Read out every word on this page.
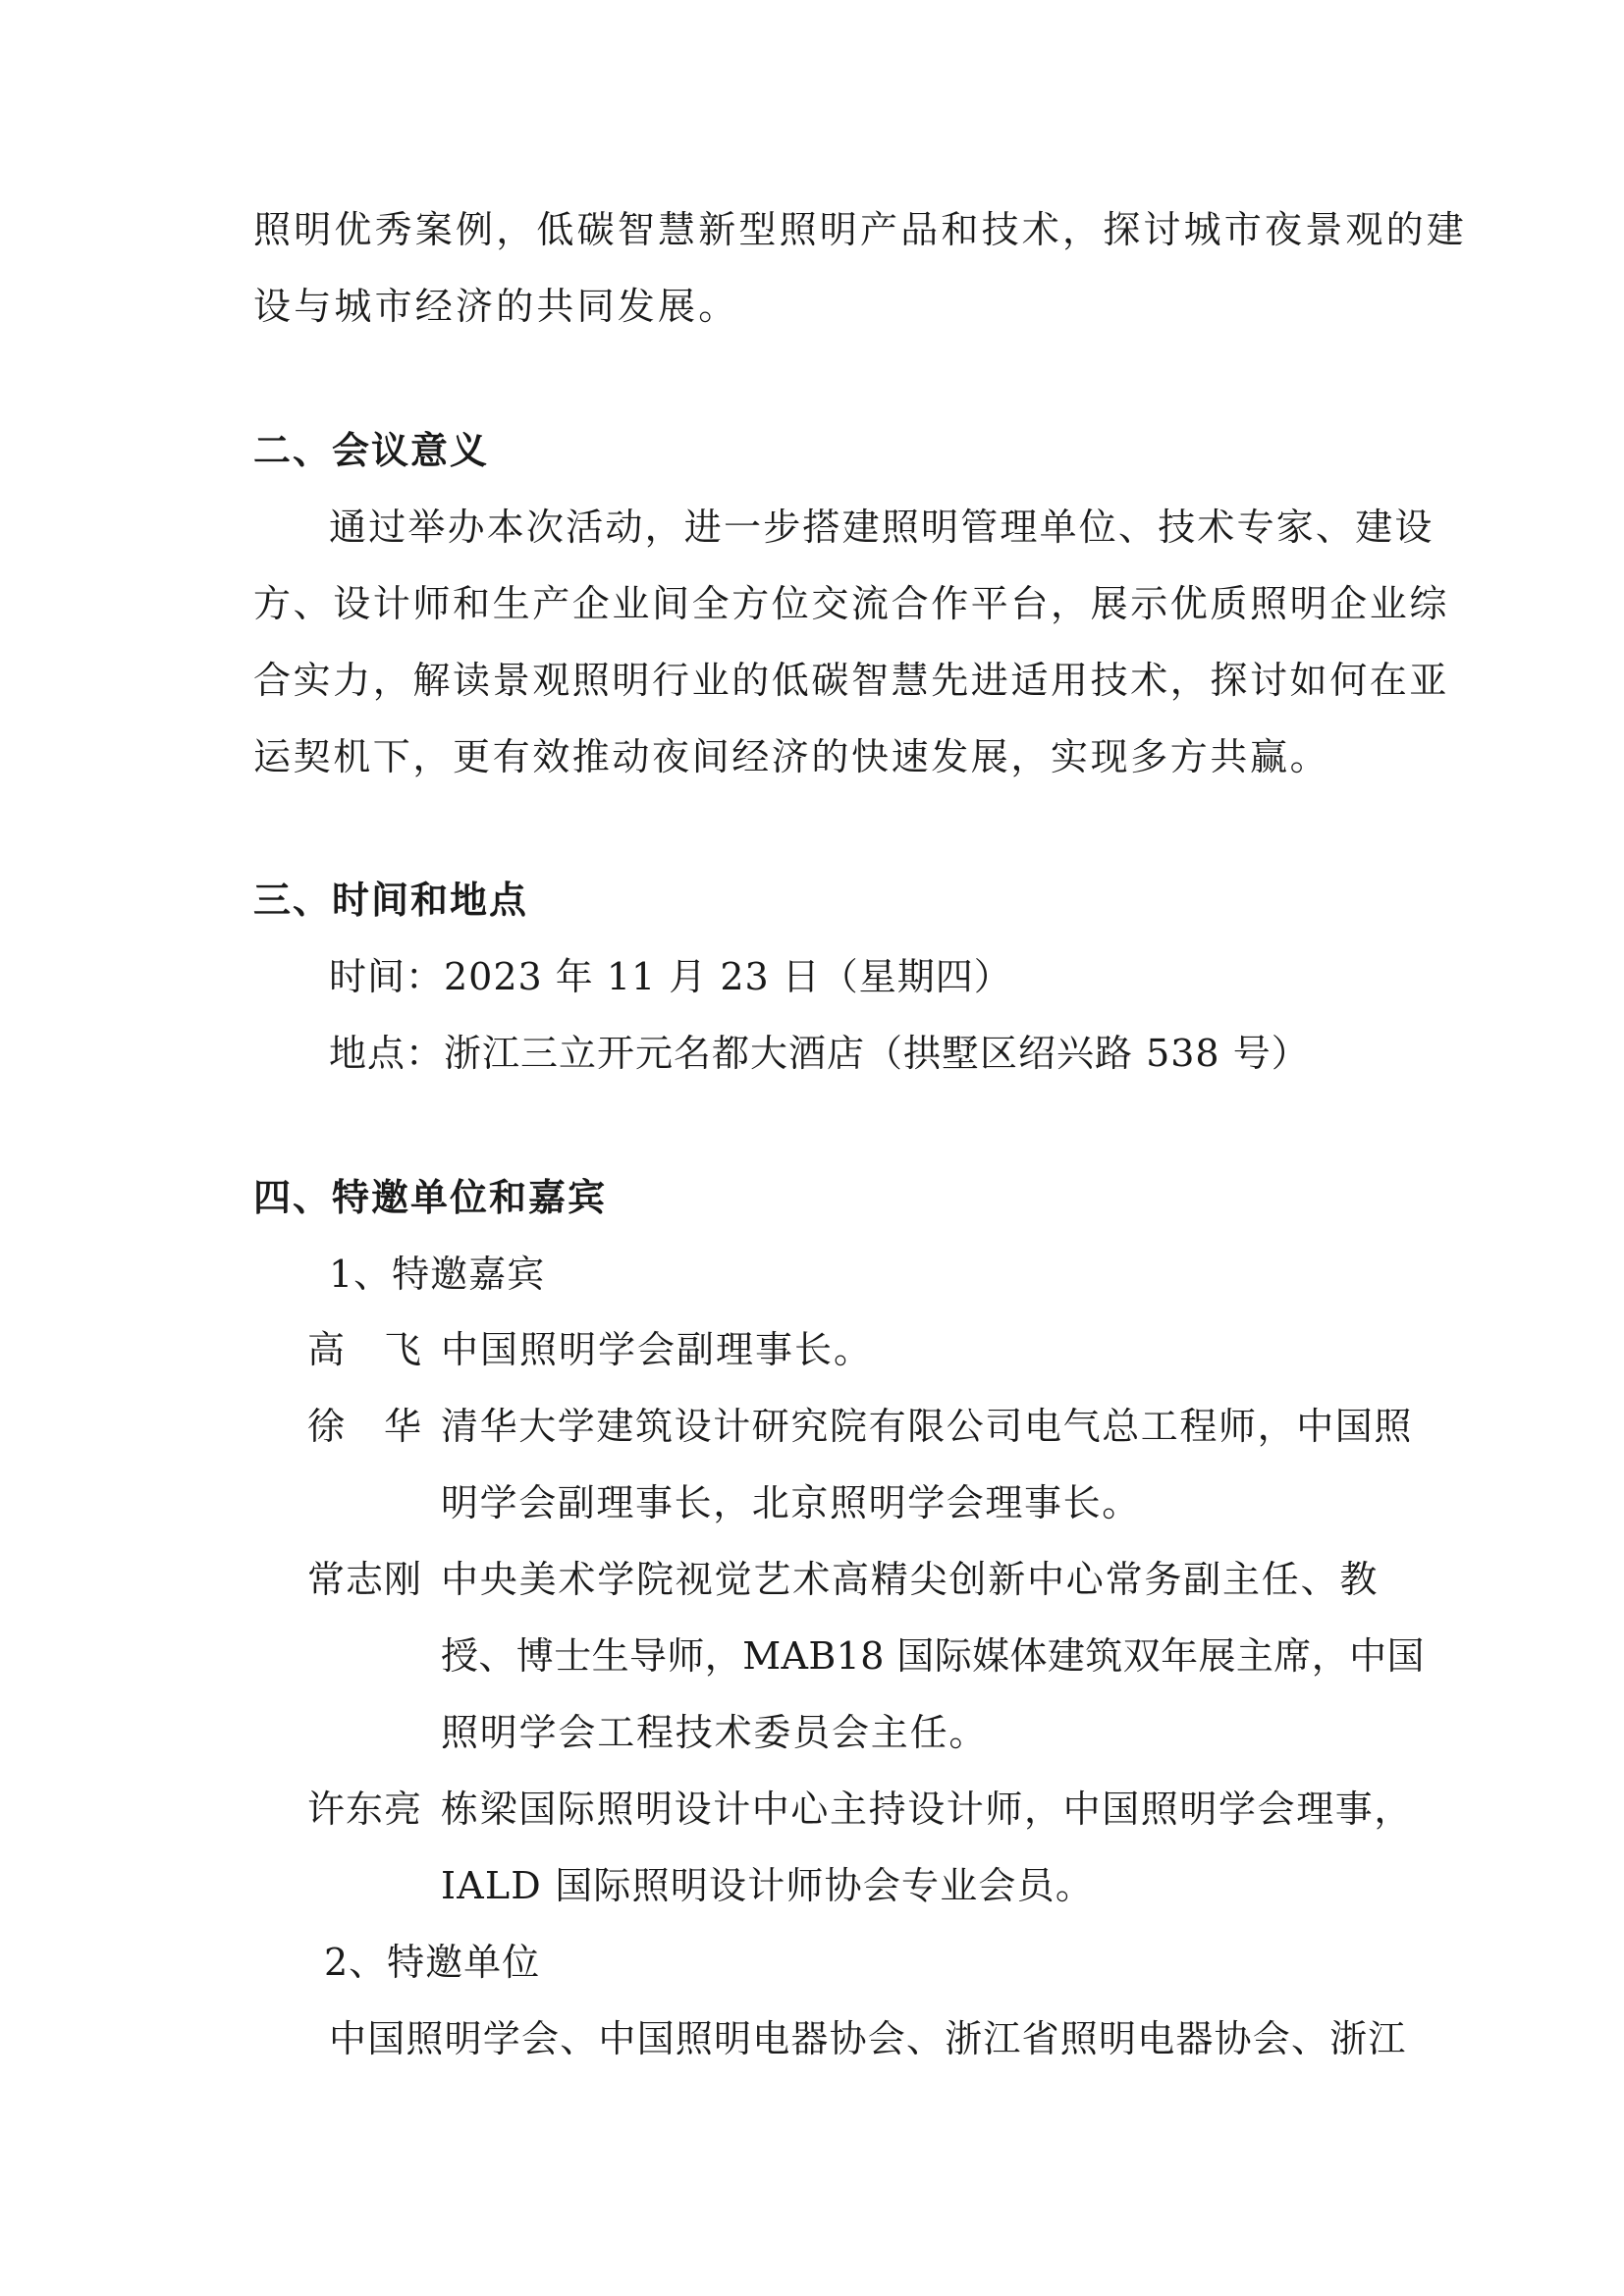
照明优秀案例，低碳智慧新型照明产品和技术，探讨城市夜景观的建
设与城市经济的共同发展。
二、会议意义
通过举办本次活动，进一步搭建照明管理单位、技术专家、建设
方、设计师和生产企业间全方位交流合作平台，展示优质照明企业综
合实力，解读景观照明行业的低碳智慧先进适用技术，探讨如何在亚
运契机下，更有效推动夜间经济的快速发展，实现多方共赢。
三、时间和地点
时间：2023 年 11 月 23 日（星期四）
地点：浙江三立开元名都大酒店（拱墅区绍兴路 538 号）
四、特邀单位和嘉宾
1、特邀嘉宾
高 飞 中国照明学会副理事长。
徐 华 清华大学建筑设计研究院有限公司电气总工程师，中国照
明学会副理事长，北京照明学会理事长。
常志刚 中央美术学院视觉艺术高精尖创新中心常务副主任、教
授、博士生导师，MAB18 国际媒体建筑双年展主席，中国
照明学会工程技术委员会主任。
许东亮 栋梁国际照明设计中心主持设计师，中国照明学会理事，
IALD 国际照明设计师协会专业会员。
2、特邀单位
中国照明学会、中国照明电器协会、浙江省照明电器协会、浙江
